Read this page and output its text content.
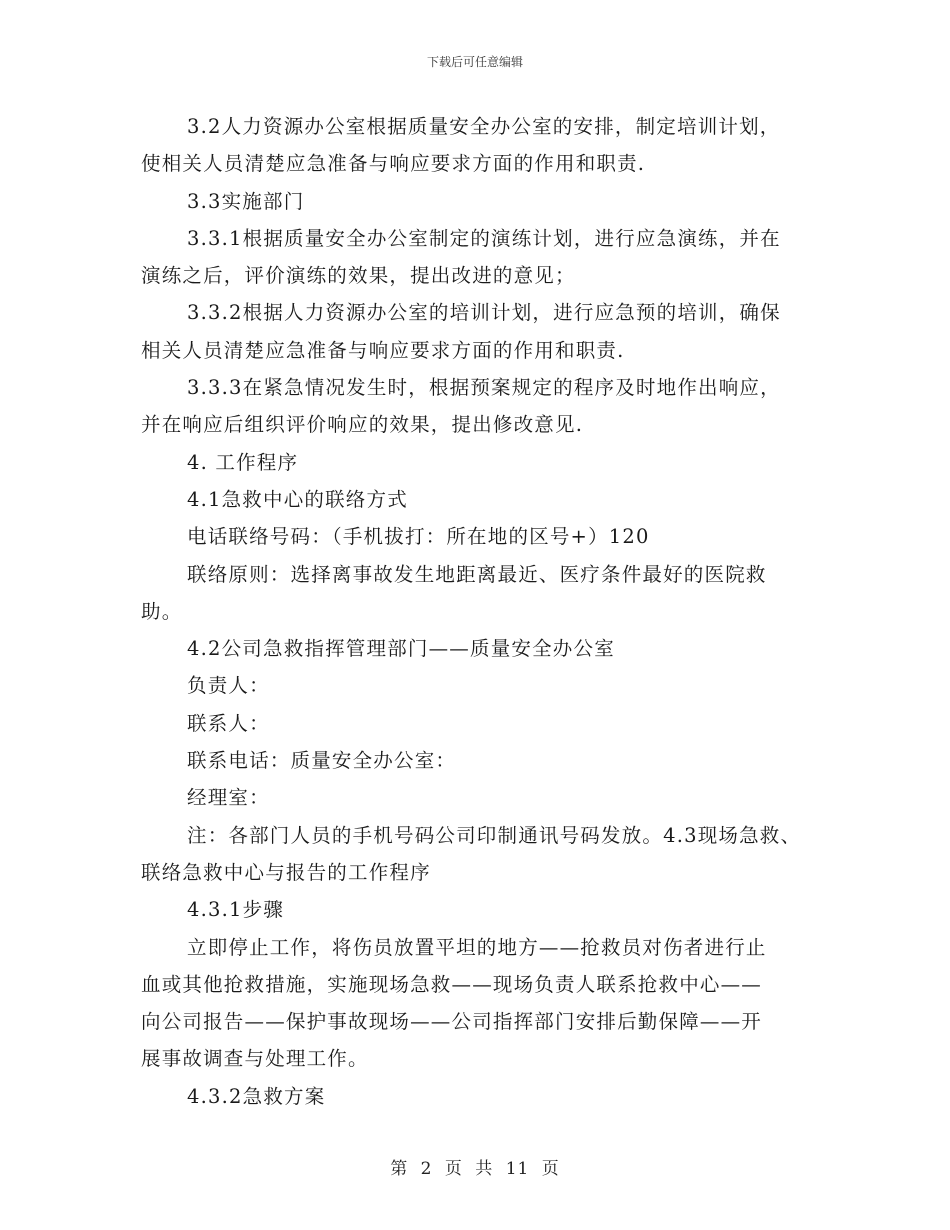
下载后可任意编辑
3.2人力资源办公室根据质量安全办公室的安排，制定培训计划，
使相关人员清楚应急准备与响应要求方面的作用和职责.
3.3实施部门
3.3.1根据质量安全办公室制定的演练计划，进行应急演练，并在
演练之后，评价演练的效果，提出改进的意见；
3.3.2根据人力资源办公室的培训计划，进行应急预的培训，确保
相关人员清楚应急准备与响应要求方面的作用和职责.
3.3.3在紧急情况发生时，根据预案规定的程序及时地作出响应，
并在响应后组织评价响应的效果，提出修改意见.
4. 工作程序
4.1急救中心的联络方式
电话联络号码：（手机拔打：所在地的区号+）120
联络原则：选择离事故发生地距离最近、医疗条件最好的医院救
助。
4.2公司急救指挥管理部门——质量安全办公室
负责人：
联系人：
联系电话：质量安全办公室：
经理室：
注：各部门人员的手机号码公司印制通讯号码发放。4.3现场急救、
联络急救中心与报告的工作程序
4.3.1步骤
立即停止工作，将伤员放置平坦的地方——抢救员对伤者进行止
血或其他抢救措施，实施现场急救——现场负责人联系抢救中心——
向公司报告——保护事故现场——公司指挥部门安排后勤保障——开
展事故调查与处理工作。
4.3.2急救方案
第 2 页 共 11 页
